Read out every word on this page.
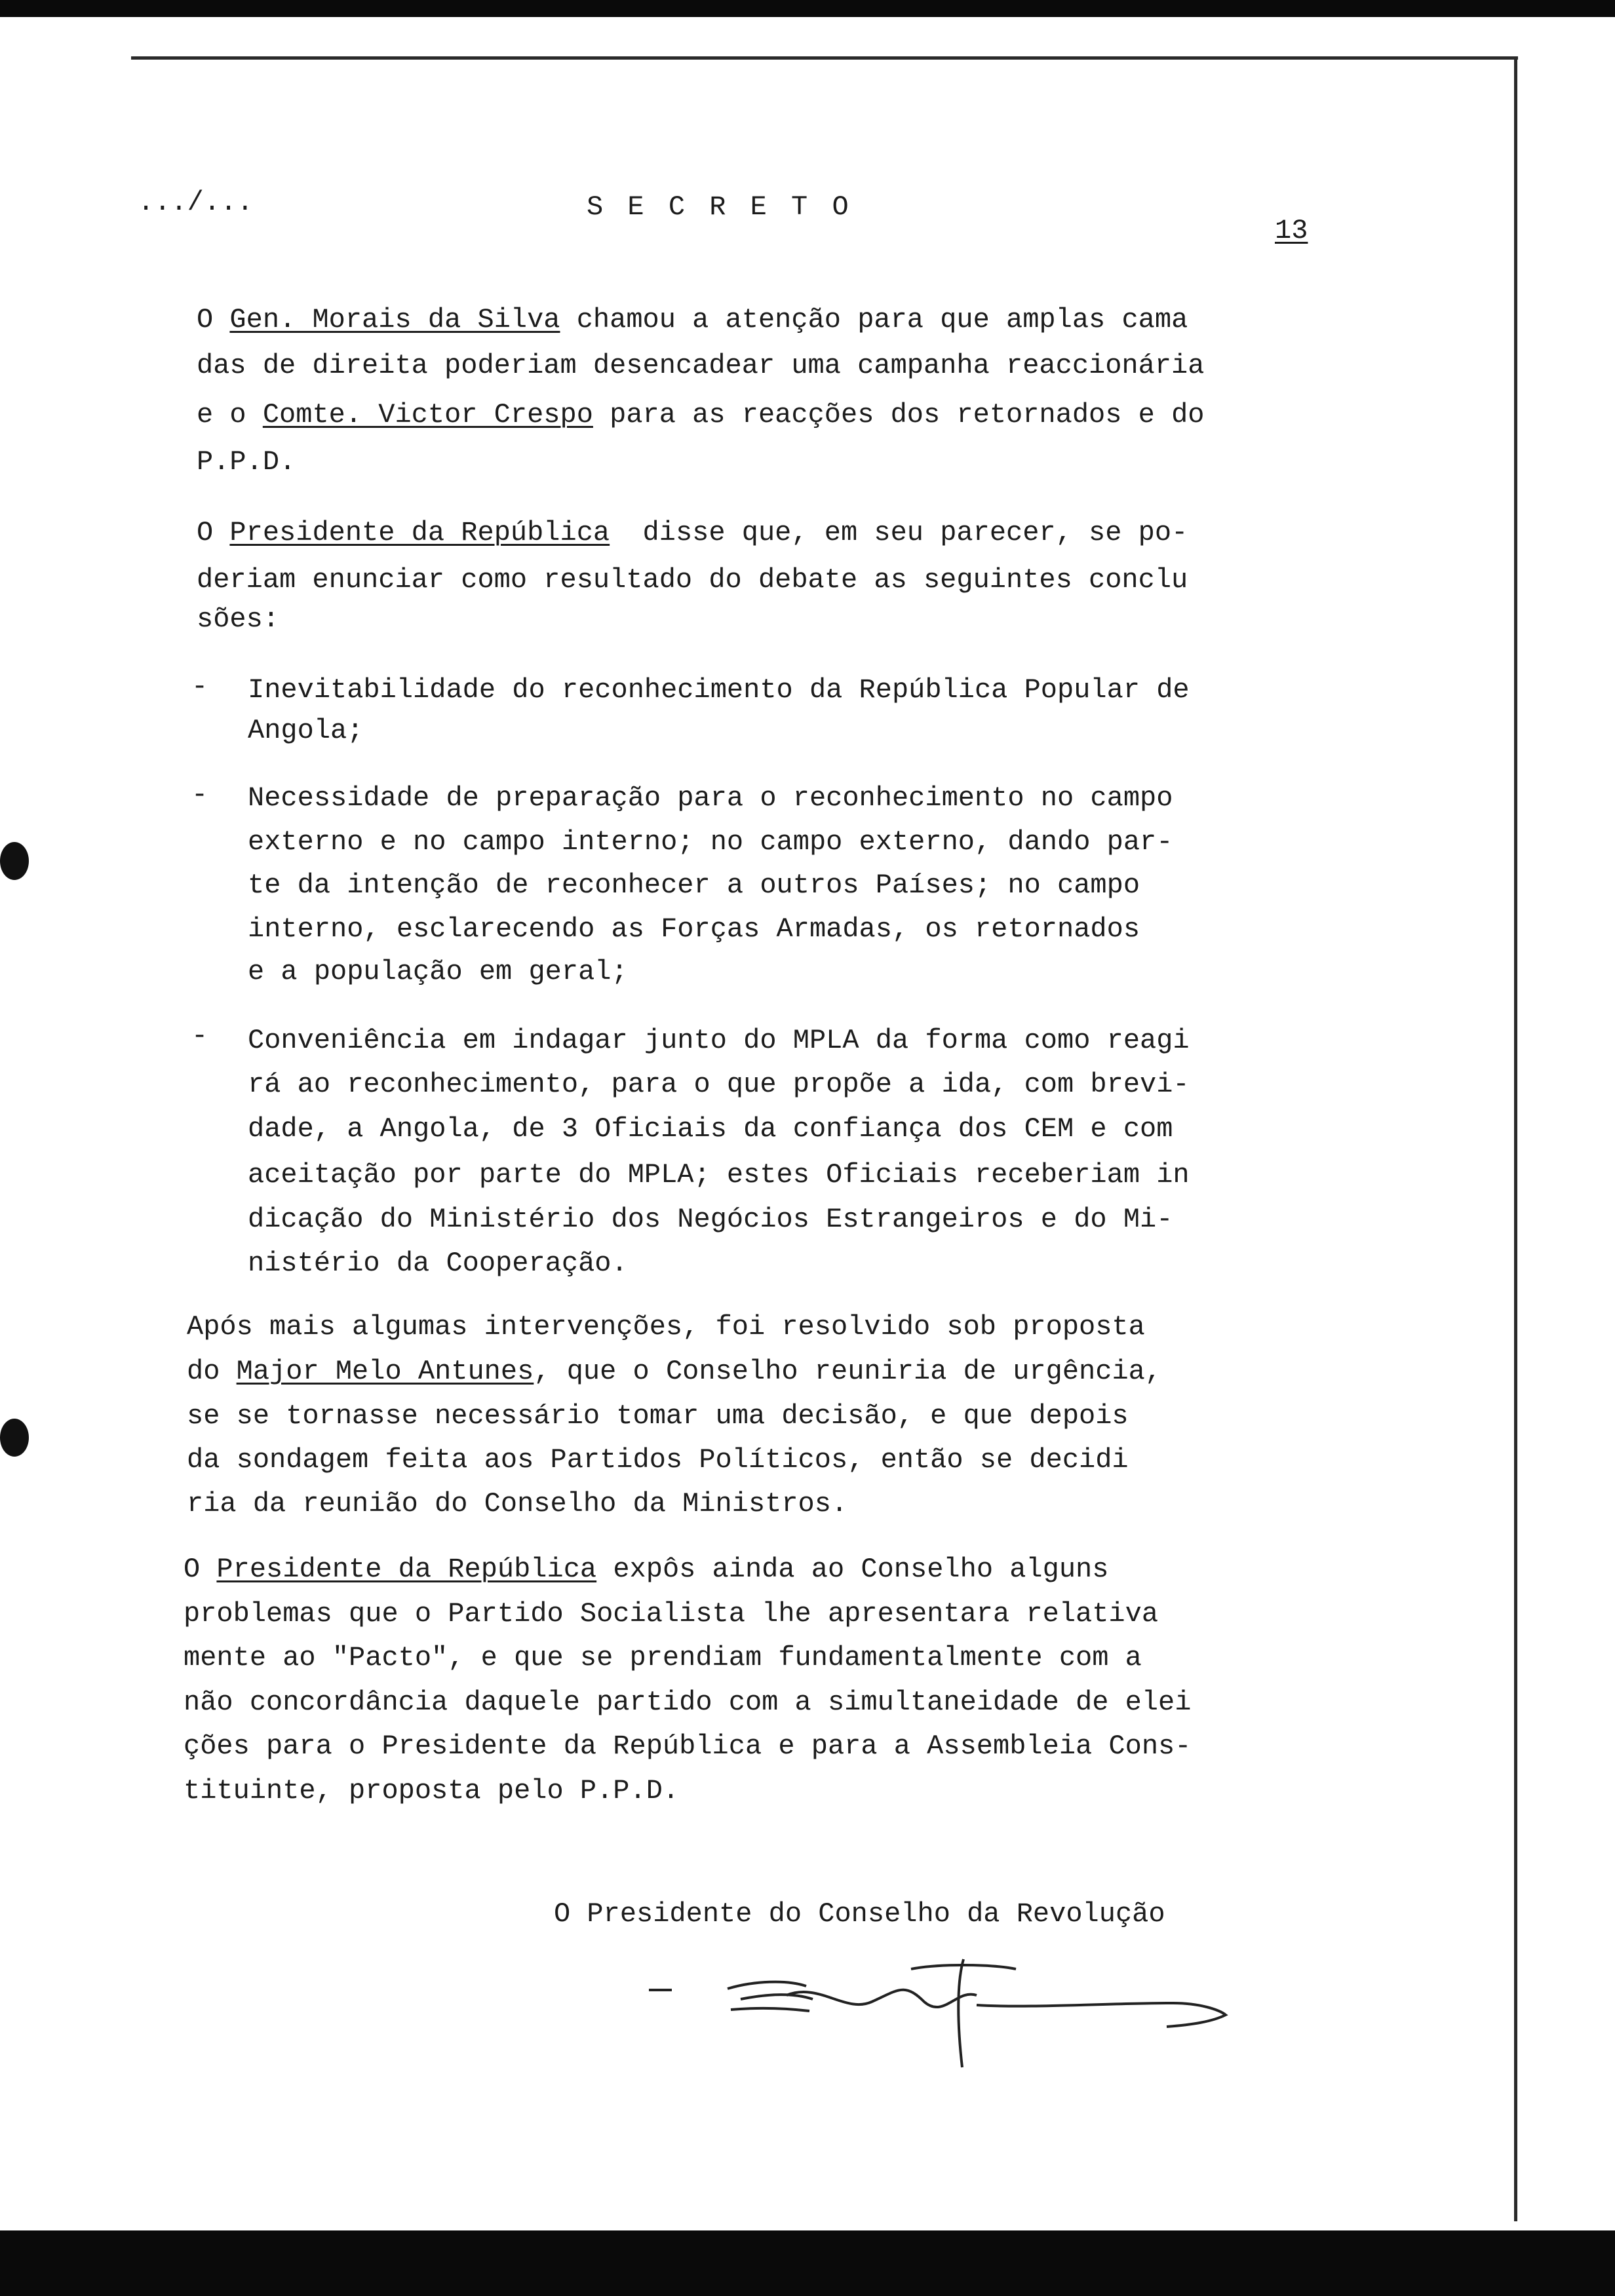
.../...	S E C R E T O
13
O Gen. Morais da Silva chamou a atenção para que amplas cama
das de direita poderiam desencadear uma campanha reaccionária
e o Comte. Victor Crespo para as reacções dos retornados e do
P.P.D.
O Presidente da República  disse que, em seu parecer, se po-
deriam enunciar como resultado do debate as seguintes conclu
sões:
- Inevitabilidade do reconhecimento da República Popular de
Angola;
- Necessidade de preparação para o reconhecimento no campo
externo e no campo interno; no campo externo, dando par-
te da intenção de reconhecer a outros Países; no campo
interno, esclarecendo as Forças Armadas, os retornados
e a população em geral;
- Conveniência em indagar junto do MPLA da forma como reagi
rá ao reconhecimento, para o que propõe a ida, com brevi-
dade, a Angola, de 3 Oficiais da confiança dos CEM e com
aceitação por parte do MPLA; estes Oficiais receberiam in
dicação do Ministério dos Negócios Estrangeiros e do Mi-
nistério da Cooperação.
Após mais algumas intervenções, foi resolvido sob proposta
do Major Melo Antunes, que o Conselho reuniria de urgência,
se se tornasse necessário tomar uma decisão, e que depois
da sondagem feita aos Partidos Políticos, então se decidi
ria da reunião do Conselho da Ministros.
O Presidente da República expôs ainda ao Conselho alguns
problemas que o Partido Socialista lhe apresentara relativa
mente ao "Pacto", e que se prendiam fundamentalmente com a
não concordância daquele partido com a simultaneidade de elei
ções para o Presidente da República e para a Assembleia Cons-
tituinte, proposta pelo P.P.D.
O Presidente do Conselho da Revolução
